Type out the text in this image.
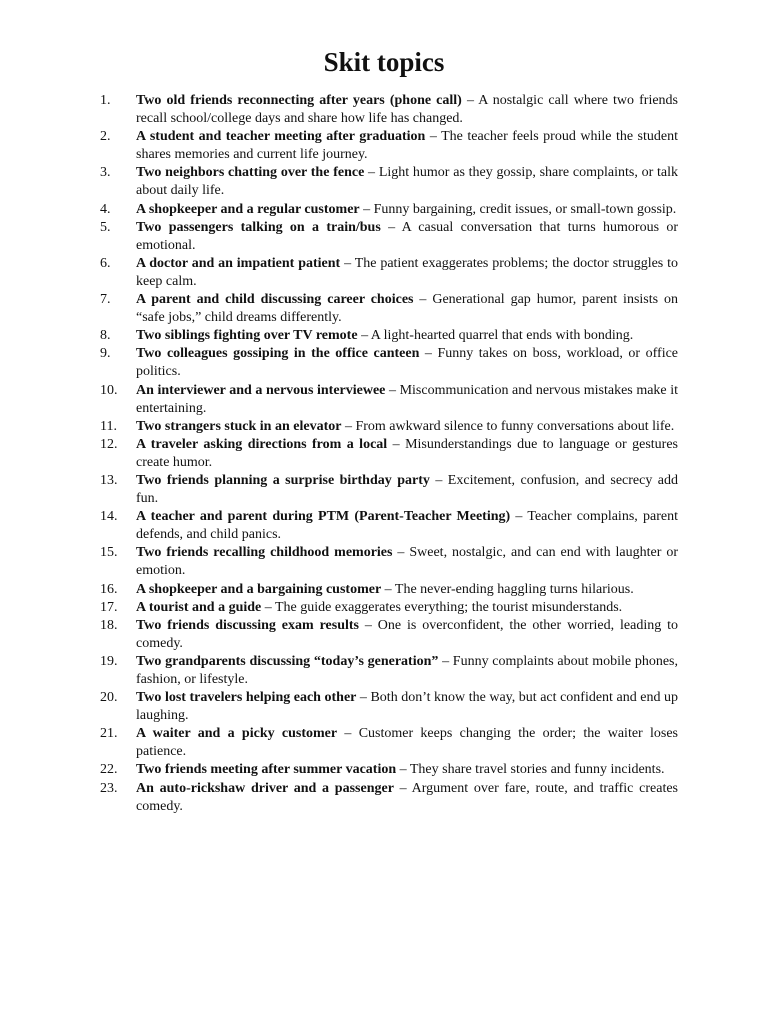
Skit topics
1.	Two old friends reconnecting after years (phone call) – A nostalgic call where two friends recall school/college days and share how life has changed.
2.	A student and teacher meeting after graduation – The teacher feels proud while the student shares memories and current life journey.
3.	Two neighbors chatting over the fence – Light humor as they gossip, share complaints, or talk about daily life.
4.	A shopkeeper and a regular customer – Funny bargaining, credit issues, or small-town gossip.
5.	Two passengers talking on a train/bus – A casual conversation that turns humorous or emotional.
6.	A doctor and an impatient patient – The patient exaggerates problems; the doctor struggles to keep calm.
7.	A parent and child discussing career choices – Generational gap humor, parent insists on “safe jobs,” child dreams differently.
8.	Two siblings fighting over TV remote – A light-hearted quarrel that ends with bonding.
9.	Two colleagues gossiping in the office canteen – Funny takes on boss, workload, or office politics.
10.	An interviewer and a nervous interviewee – Miscommunication and nervous mistakes make it entertaining.
11.	Two strangers stuck in an elevator – From awkward silence to funny conversations about life.
12.	A traveler asking directions from a local – Misunderstandings due to language or gestures create humor.
13.	Two friends planning a surprise birthday party – Excitement, confusion, and secrecy add fun.
14.	A teacher and parent during PTM (Parent-Teacher Meeting) – Teacher complains, parent defends, and child panics.
15.	Two friends recalling childhood memories – Sweet, nostalgic, and can end with laughter or emotion.
16.	A shopkeeper and a bargaining customer – The never-ending haggling turns hilarious.
17.	A tourist and a guide – The guide exaggerates everything; the tourist misunderstands.
18.	Two friends discussing exam results – One is overconfident, the other worried, leading to comedy.
19.	Two grandparents discussing “today’s generation” – Funny complaints about mobile phones, fashion, or lifestyle.
20.	Two lost travelers helping each other – Both don’t know the way, but act confident and end up laughing.
21.	A waiter and a picky customer – Customer keeps changing the order; the waiter loses patience.
22.	Two friends meeting after summer vacation – They share travel stories and funny incidents.
23.	An auto-rickshaw driver and a passenger – Argument over fare, route, and traffic creates comedy.
